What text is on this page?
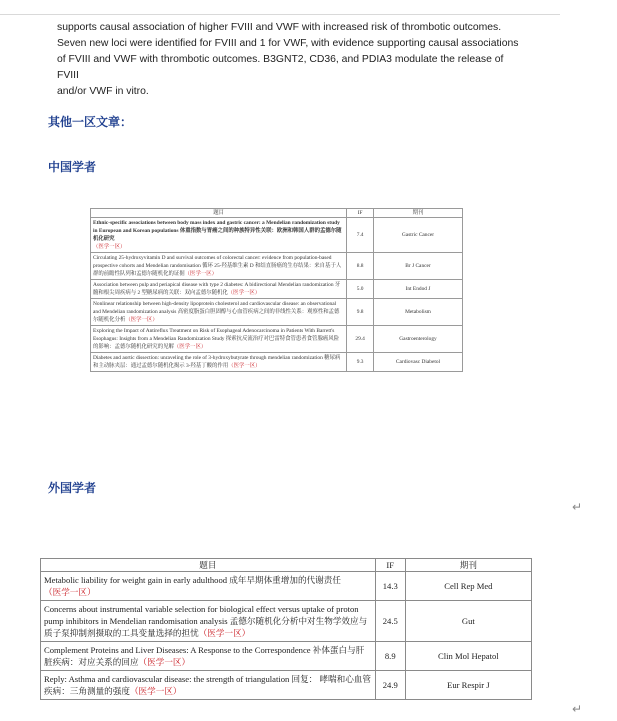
supports causal association of higher FVIII and VWF with increased risk of thrombotic outcomes.
Seven new loci were identified for FVIII and 1 for VWF, with evidence supporting causal associations
of FVIII and VWF with thrombotic outcomes. B3GNT2, CD36, and PDIA3 modulate the release of FVIII
and/or VWF in vitro.
其他一区文章：
中国学者
题目	IF	期刊
Ethnic-specific associations between body mass index and gastric cancer: a Mendelian randomization study in European and Korean populations 体重指数与胃癌之间的种族特异性关联：欧洲和韩国人群的孟德尔随机化研究
（医学一区）	7.4	Gastric Cancer
Circulating 25-hydroxyvitamin D and survival outcomes of colorectal cancer: evidence from population-based prospective cohorts and Mendelian randomisation 循环 25-羟基维生素 D 和结直肠癌的生存结果：来自基于人群的前瞻性队列和孟德尔随机化的证据（医学一区）	8.8	Br J Cancer
Association between pulp and periapical disease with type 2 diabetes: A bidirectional Mendelian randomization 牙髓和根尖周疾病与 2 型糖尿病的关联：双向孟德尔随机化（医学一区）	5.0	Int Endod J
Nonlinear relationship between high-density lipoprotein cholesterol and cardiovascular disease: an observational and Mendelian randomization analysis 高密度脂蛋白胆固醇与心血管疾病之间的非线性关系：观察性和孟德尔随机化分析（医学一区）	9.8	Metabolism
Exploring the Impact of Antireflux Treatment on Risk of Esophageal Adenocarcinoma in Patients With Barrett's Esophagus: Insights from a Mendelian Randomization Study 探索抗反流治疗对巴雷特食管患者食管腺癌风险的影响：孟德尔随机化研究的见解（医学一区）	29.4	Gastroenterology
Diabetes and aortic dissection: unraveling the role of 3-hydroxybutyrate through mendelian randomization 糖尿病和主动脉夹层：通过孟德尔随机化揭示 3-羟基丁酸的作用（医学一区）	9.3	Cardiovasc Diabetol
外国学者
↵
题目	IF	期刊
Metabolic liability for weight gain in early adulthood 成年早期体重增加的代谢责任
（医学一区）	14.3	Cell Rep Med
Concerns about instrumental variable selection for biological effect versus uptake of proton pump inhibitors in Mendelian randomisation analysis 孟德尔随机化分析中对生物学效应与质子泵抑制剂摄取的工具变量选择的担忧（医学一区）	24.5	Gut
Complement Proteins and Liver Diseases: A Response to the Correspondence 补体蛋白与肝脏疾病：对应关系的回应（医学一区）	8.9	Clin Mol Hepatol
Reply: Asthma and cardiovascular disease: the strength of triangulation 回复： 哮喘和心血管疾病：三角测量的强度（医学一区）	24.9	Eur Respir J
↵
